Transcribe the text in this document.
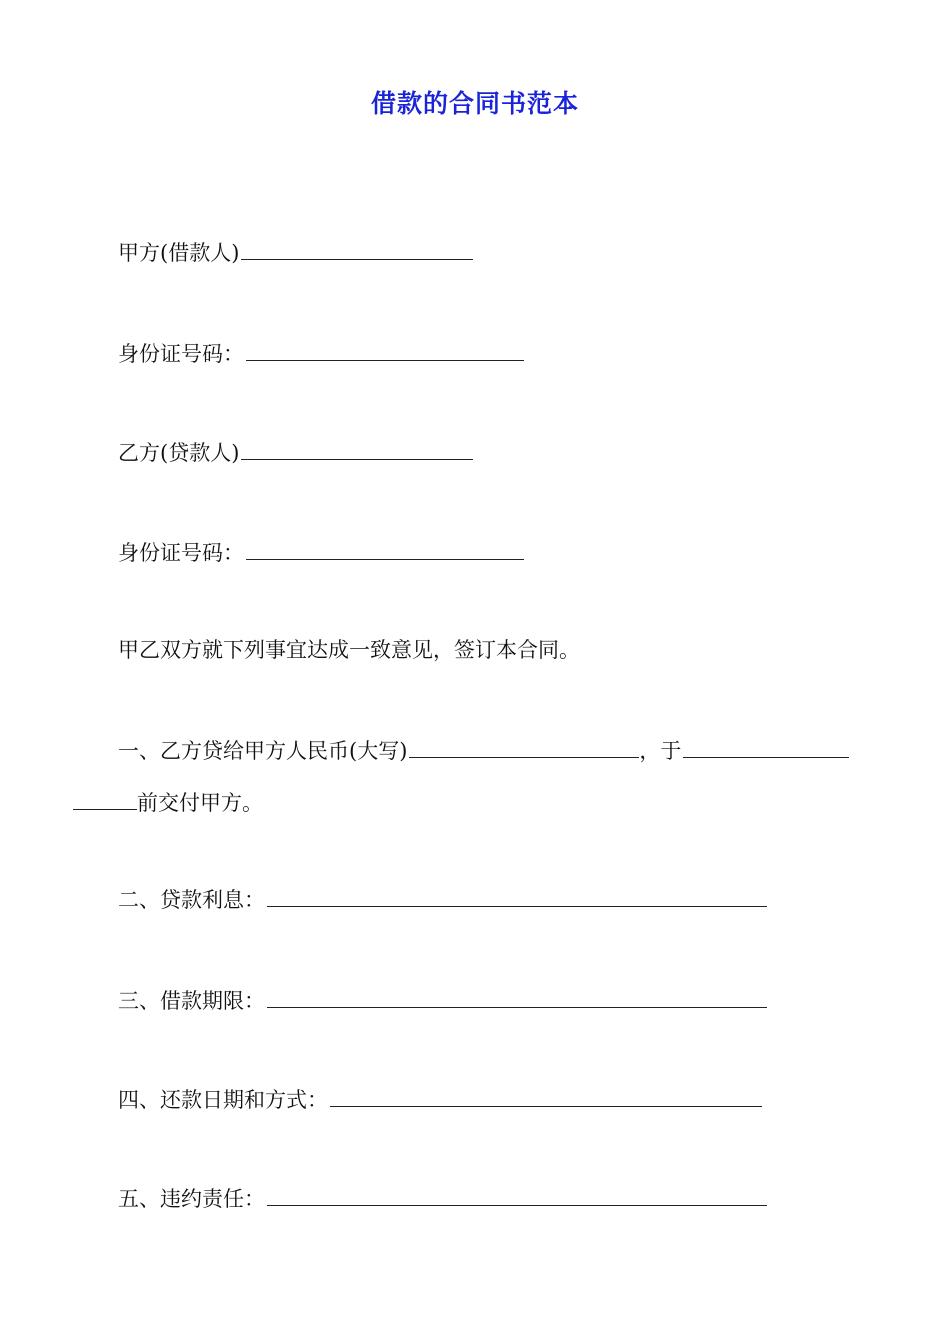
借款的合同书范本
甲方(借款人)
身份证号码：
乙方(贷款人)
身份证号码：
甲乙双方就下列事宜达成一致意见，签订本合同。
一、乙方贷给甲方人民币(大写)	，于
前交付甲方。
二、贷款利息：
三、借款期限：
四、还款日期和方式：
五、违约责任：
